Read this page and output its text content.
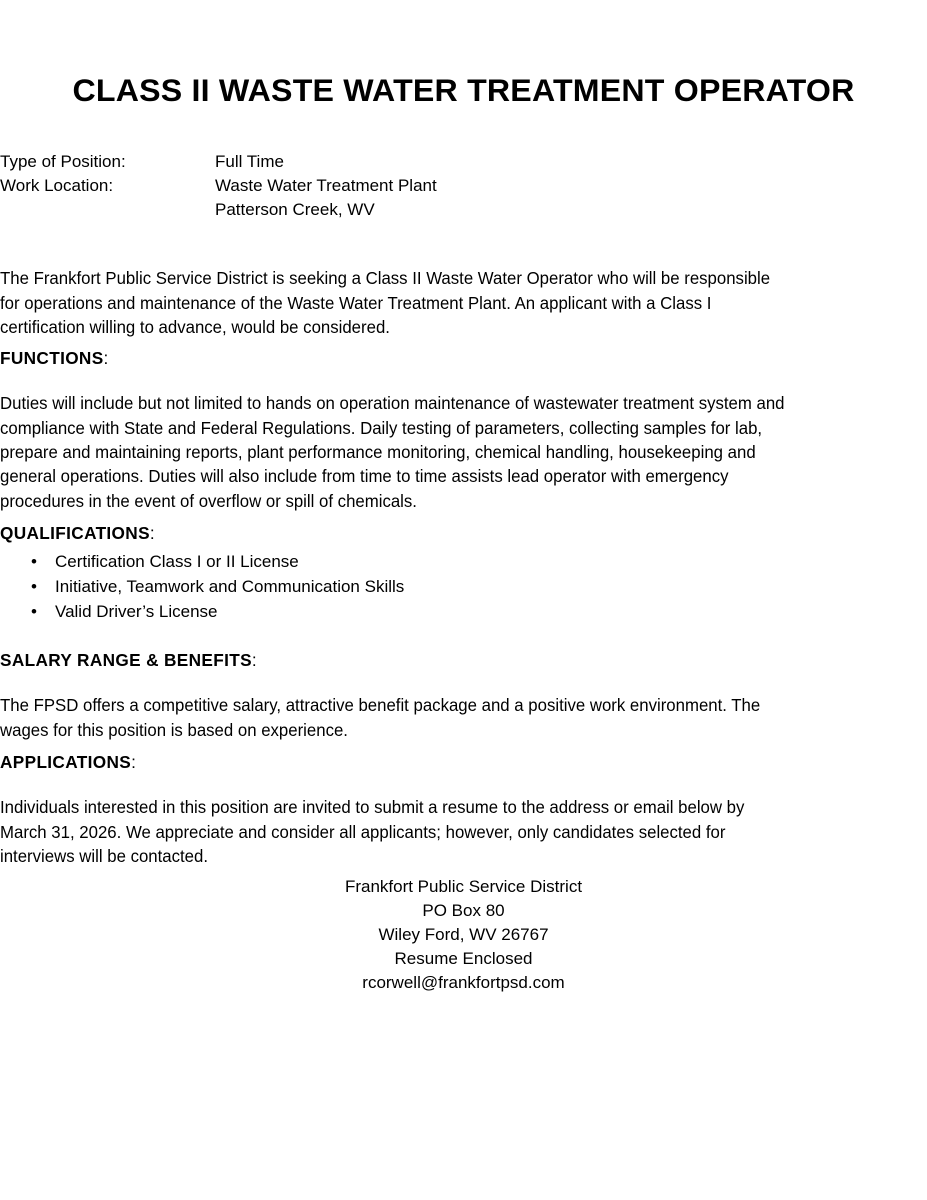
CLASS II WASTE WATER TREATMENT OPERATOR
Type of Position:	Full Time
Work Location:	Waste Water Treatment Plant
Patterson Creek, WV

The Frankfort Public Service District is seeking a Class II Waste Water Operator who will be responsible for operations and maintenance of the Waste Water Treatment Plant. An applicant with a Class I certification willing to advance, would be considered.

FUNCTIONS:

Duties will include but not limited to hands on operation maintenance of wastewater treatment system and compliance with State and Federal Regulations. Daily testing of parameters, collecting samples for lab, prepare and maintaining reports, plant performance monitoring, chemical handling, housekeeping and general operations. Duties will also include from time to time assists lead operator with emergency procedures in the event of overflow or spill of chemicals.

QUALIFICATIONS:
• Certification Class I or II License
• Initiative, Teamwork and Communication Skills
• Valid Driver’s License
SALARY RANGE & BENEFITS:

The FPSD offers a competitive salary, attractive benefit package and a positive work environment. The wages for this position is based on experience.

APPLICATIONS:

Individuals interested in this position are invited to submit a resume to the address or email below by March 31, 2026. We appreciate and consider all applicants; however, only candidates selected for interviews will be contacted.

Frankfort Public Service District
PO Box 80
Wiley Ford, WV 26767
Resume Enclosed
rcorwell@frankfortpsd.com
